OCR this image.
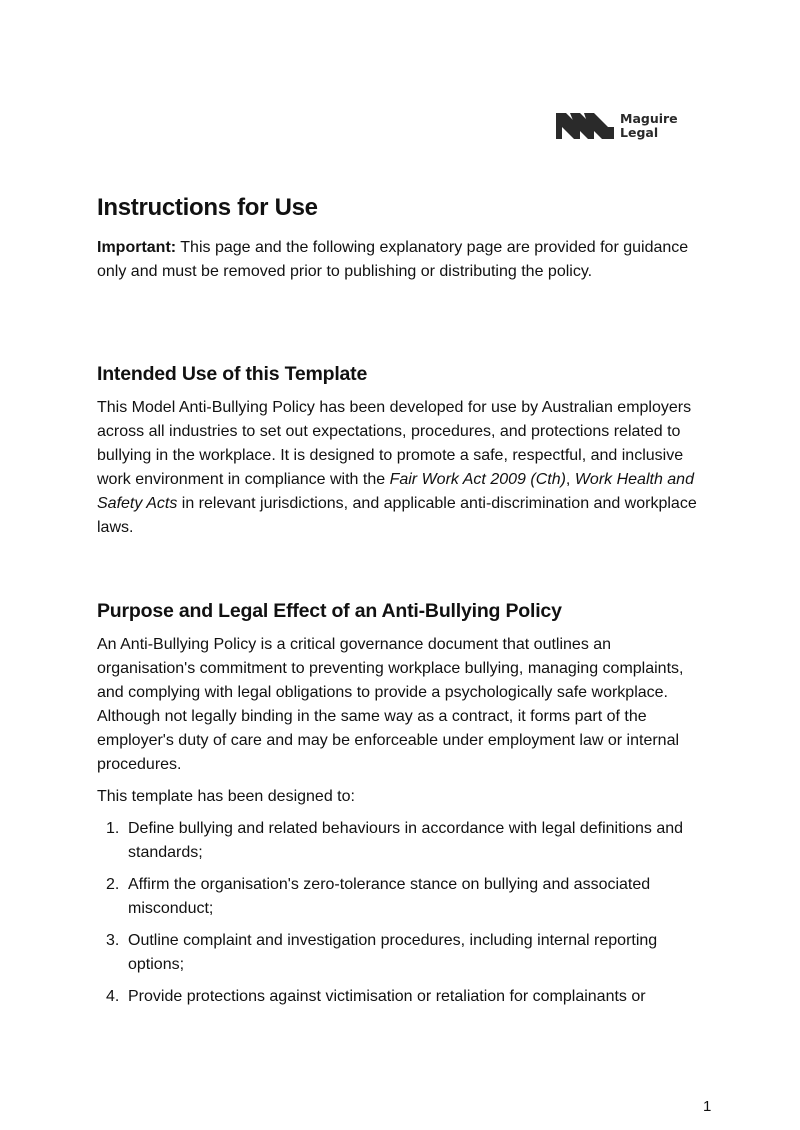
Maguire
Legal
Instructions for Use

Important: This page and the following explanatory page are provided for guidance only and must be removed prior to publishing or distributing the policy.

Intended Use of this Template

This Model Anti-Bullying Policy has been developed for use by Australian employers across all industries to set out expectations, procedures, and protections related to bullying in the workplace. It is designed to promote a safe, respectful, and inclusive work environment in compliance with the Fair Work Act 2009 (Cth), Work Health and Safety Acts in relevant jurisdictions, and applicable anti-discrimination and workplace laws.

Purpose and Legal Effect of an Anti-Bullying Policy

An Anti-Bullying Policy is a critical governance document that outlines an organisation's commitment to preventing workplace bullying, managing complaints, and complying with legal obligations to provide a psychologically safe workplace. Although not legally binding in the same way as a contract, it forms part of the employer's duty of care and may be enforceable under employment law or internal procedures.

This template has been designed to:

1. Define bullying and related behaviours in accordance with legal definitions and standards;
2. Affirm the organisation's zero-tolerance stance on bullying and associated misconduct;
3. Outline complaint and investigation procedures, including internal reporting options;
4. Provide protections against victimisation or retaliation for complainants or
1
